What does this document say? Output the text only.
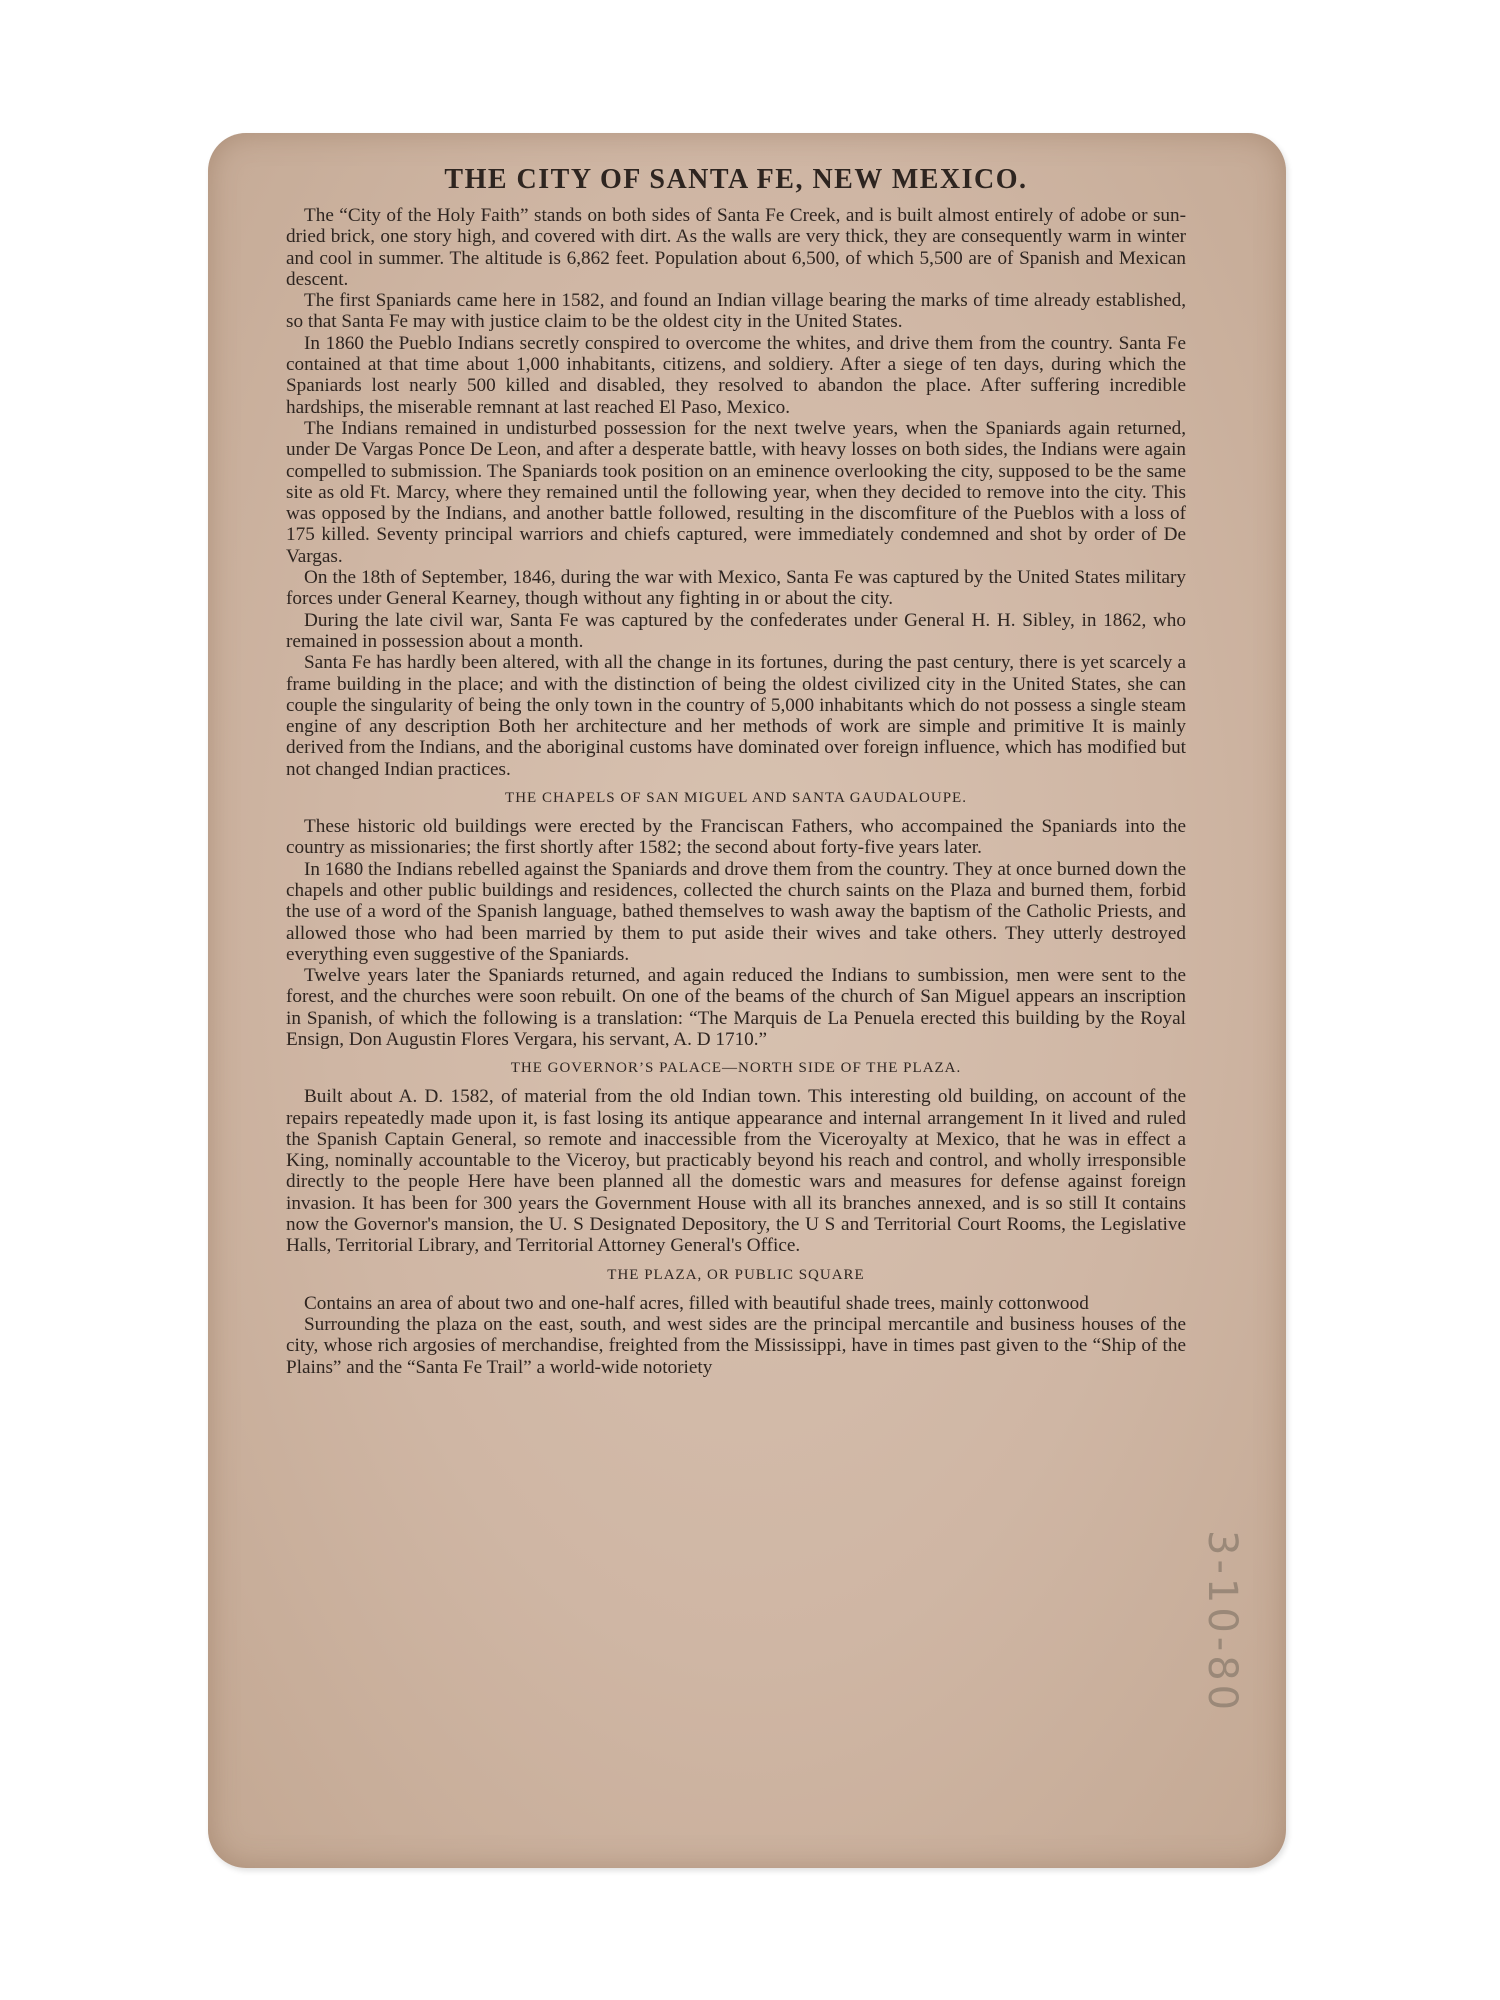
THE CITY OF SANTA FE, NEW MEXICO.

The “City of the Holy Faith” stands on both sides of Santa Fe Creek, and is built almost entirely of adobe or sun-dried brick, one story high, and covered with dirt. As the walls are very thick, they are consequently warm in winter and cool in summer. The altitude is 6,862 feet. Population about 6,500, of which 5,500 are of Spanish and Mexican descent.

The first Spaniards came here in 1582, and found an Indian village bearing the marks of time already established, so that Santa Fe may with justice claim to be the oldest city in the United States.

In 1860 the Pueblo Indians secretly conspired to overcome the whites, and drive them from the country. Santa Fe contained at that time about 1,000 inhabitants, citizens, and soldiery. After a siege of ten days, during which the Spaniards lost nearly 500 killed and disabled, they resolved to abandon the place. After suffering incredible hardships, the miserable remnant at last reached El Paso, Mexico.

The Indians remained in undisturbed possession for the next twelve years, when the Spaniards again returned, under De Vargas Ponce De Leon, and after a desperate battle, with heavy losses on both sides, the Indians were again compelled to submission. The Spaniards took position on an eminence overlooking the city, supposed to be the same site as old Ft. Marcy, where they remained until the following year, when they decided to remove into the city. This was opposed by the Indians, and another battle followed, resulting in the discomfiture of the Pueblos with a loss of 175 killed. Seventy principal warriors and chiefs captured, were immediately condemned and shot by order of De Vargas.

On the 18th of September, 1846, during the war with Mexico, Santa Fe was captured by the United States military forces under General Kearney, though without any fighting in or about the city.

During the late civil war, Santa Fe was captured by the confederates under General H. H. Sibley, in 1862, who remained in possession about a month.

Santa Fe has hardly been altered, with all the change in its fortunes, during the past century, there is yet scarcely a frame building in the place; and with the distinction of being the oldest civilized city in the United States, she can couple the singularity of being the only town in the country of 5,000 inhabitants which do not possess a single steam engine of any description Both her architecture and her methods of work are simple and primitive It is mainly derived from the Indians, and the aboriginal customs have dominated over foreign influence, which has modified but not changed Indian practices.

THE CHAPELS OF SAN MIGUEL AND SANTA GAUDALOUPE.

These historic old buildings were erected by the Franciscan Fathers, who accompained the Spaniards into the country as missionaries; the first shortly after 1582; the second about forty-five years later.

In 1680 the Indians rebelled against the Spaniards and drove them from the country. They at once burned down the chapels and other public buildings and residences, collected the church saints on the Plaza and burned them, forbid the use of a word of the Spanish language, bathed themselves to wash away the baptism of the Catholic Priests, and allowed those who had been married by them to put aside their wives and take others. They utterly destroyed everything even suggestive of the Spaniards.

Twelve years later the Spaniards returned, and again reduced the Indians to sumbission, men were sent to the forest, and the churches were soon rebuilt. On one of the beams of the church of San Miguel appears an inscription in Spanish, of which the following is a translation: “The Marquis de La Penuela erected this building by the Royal Ensign, Don Augustin Flores Vergara, his servant, A. D 1710.”

THE GOVERNOR’S PALACE—NORTH SIDE OF THE PLAZA.

Built about A. D. 1582, of material from the old Indian town. This interesting old building, on account of the repairs repeatedly made upon it, is fast losing its antique appearance and internal arrangement In it lived and ruled the Spanish Captain General, so remote and inaccessible from the Viceroyalty at Mexico, that he was in effect a King, nominally accountable to the Viceroy, but practicably beyond his reach and control, and wholly irresponsible directly to the people Here have been planned all the domestic wars and measures for defense against foreign invasion. It has been for 300 years the Government House with all its branches annexed, and is so still It contains now the Governor's mansion, the U. S Designated Depository, the U S and Territorial Court Rooms, the Legislative Halls, Territorial Library, and Territorial Attorney General's Office.

THE PLAZA, OR PUBLIC SQUARE

Contains an area of about two and one-half acres, filled with beautiful shade trees, mainly cottonwood

Surrounding the plaza on the east, south, and west sides are the principal mercantile and business houses of the city, whose rich argosies of merchandise, freighted from the Mississippi, have in times past given to the “Ship of the Plains” and the “Santa Fe Trail” a world-wide notoriety
